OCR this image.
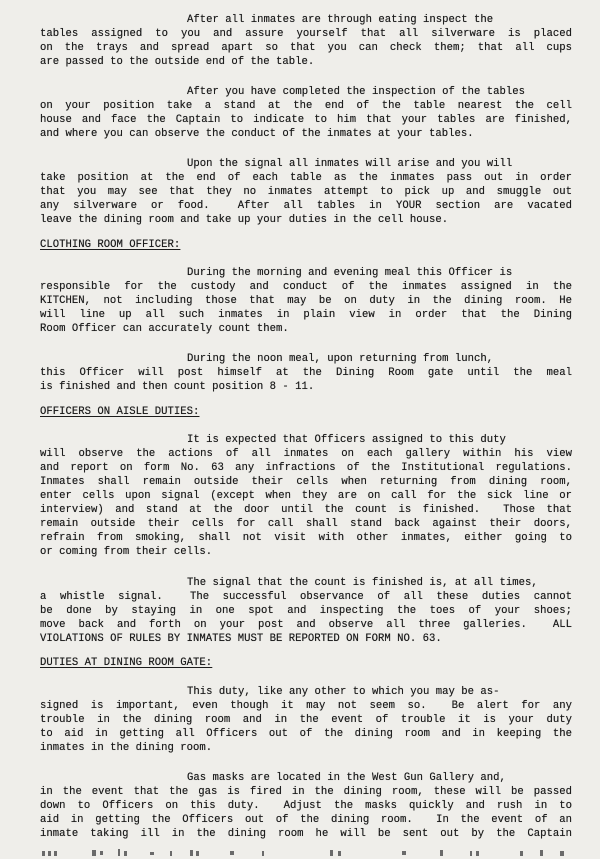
After all inmates are through eating inspect the
tables assigned to you and assure yourself that all silverware is placed
on the trays and spread apart so that you can check them; that all cups
are passed to the outside end of the table.
After you have completed the inspection of the tables
on your position take a stand at the end of the table nearest the cell
house and face the Captain to indicate to him that your tables are finished,
and where you can observe the conduct of the inmates at your tables.
Upon the signal all inmates will arise and you will
take position at the end of each table as the inmates pass out in order
that you may see that they no inmates attempt to pick up and smuggle out
any silverware or food.  After all tables in YOUR section are vacated
leave the dining room and take up your duties in the cell house.
CLOTHING ROOM OFFICER:
During the morning and evening meal this Officer is
responsible for the custody and conduct of the inmates assigned in the
KITCHEN, not including those that may be on duty in the dining room. He
will line up all such inmates in plain view in order that the Dining
Room Officer can accurately count them.
During the noon meal, upon returning from lunch,
this Officer will post himself at the Dining Room gate until the meal
is finished and then count position 8 - 11.
OFFICERS ON AISLE DUTIES:
It is expected that Officers assigned to this duty
will observe the actions of all inmates on each gallery within his view
and report on form No. 63 any infractions of the Institutional regulations.
Inmates shall remain outside their cells when returning from dining room,
enter cells upon signal (except when they are on call for the sick line or
interview) and stand at the door until the count is finished.  Those that
remain outside their cells for call shall stand back against their doors,
refrain from smoking, shall not visit with other inmates, either going to
or coming from their cells.
The signal that the count is finished is, at all times,
a whistle signal.  The successful observance of all these duties cannot
be done by staying in one spot and inspecting the toes of your shoes;
move back and forth on your post and observe all three galleries.  ALL
VIOLATIONS OF RULES BY INMATES MUST BE REPORTED ON FORM NO. 63.
DUTIES AT DINING ROOM GATE:
This duty, like any other to which you may be as-
signed is important, even though it may not seem so.  Be alert for any
trouble in the dining room and in the event of trouble it is your duty
to aid in getting all Officers out of the dining room and in keeping the
inmates in the dining room.
Gas masks are located in the West Gun Gallery and,
in the event that the gas is fired in the dining room, these will be passed
down to Officers on this duty.  Adjust the masks quickly and rush in to
aid in getting the Officers out of the dining room.  In the event of an
inmate taking ill in the dining room he will be sent out by the Captain
